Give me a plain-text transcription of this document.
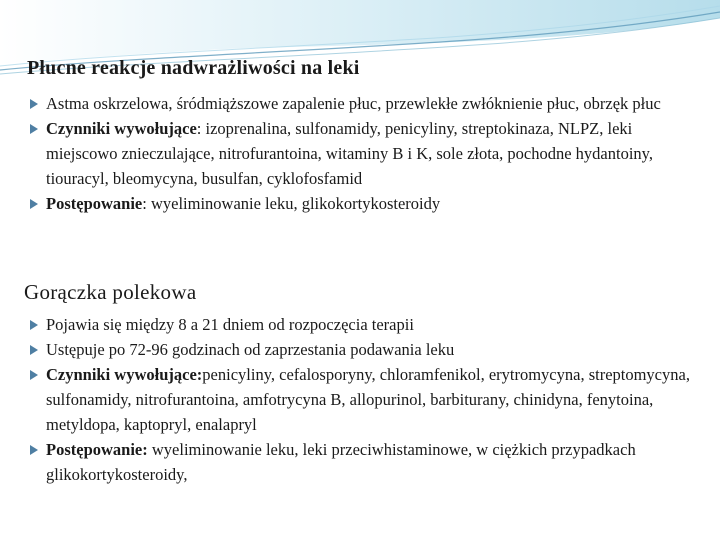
Płucne reakcje nadwrażliwości na leki
Astma oskrzelowa, śródmiąższowe zapalenie płuc, przewlekłe zwłóknienie płuc, obrzęk płuc
Czynniki wywołujące: izoprenalina, sulfonamidy, penicyliny, streptokinaza, NLPZ, leki miejscowo znieczulające, nitrofurantoina, witaminy B i K, sole złota, pochodne hydantoiny, tiouracyl, bleomycyna, busulfan, cyklofosfamid
Postępowanie: wyeliminowanie leku, glikokortykosteroidy
Gorączka polekowa
Pojawia się między 8 a 21 dniem od rozpoczęcia terapii
Ustępuje po 72-96 godzinach od zaprzestania podawania leku
Czynniki wywołujące:penicyliny, cefalosporyny, chloramfenikol, erytromycyna, streptomycyna, sulfonamidy, nitrofurantoina, amfotrycyna B, allopurinol, barbiturany, chinidyna, fenytoina, metyldopa, kaptopryl, enalapryl
Postępowanie: wyeliminowanie leku, leki przeciwhistaminowe, w ciężkich przypadkach glikokortykosteroidy,
